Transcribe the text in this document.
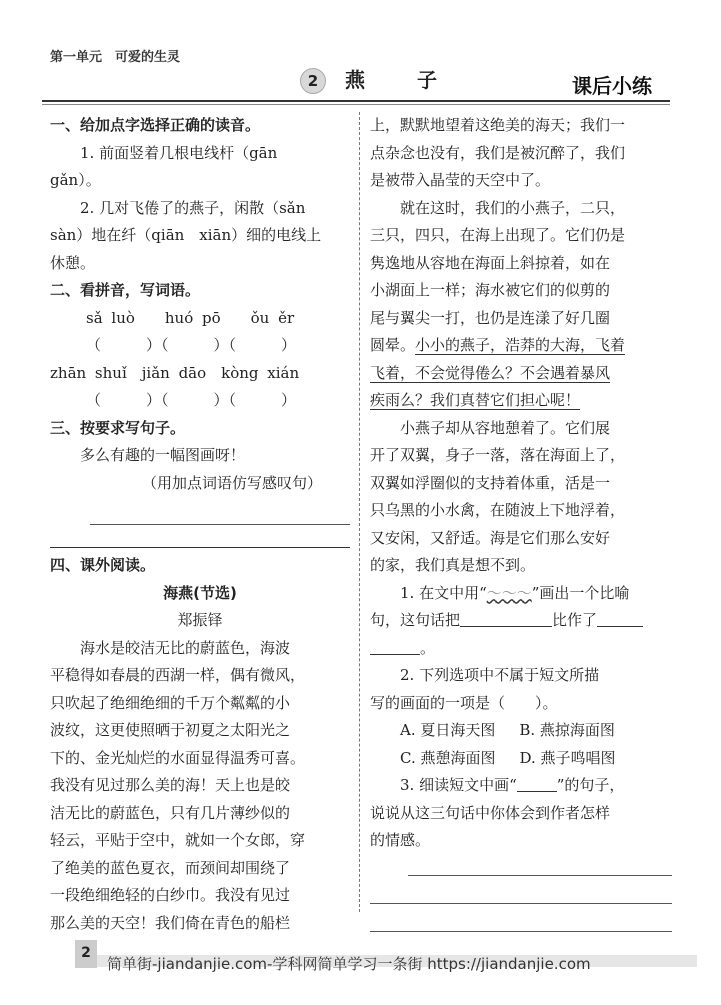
第一单元　可爱的生灵
2	燕子	课后小练
一、给加点字选择正确的读音。
1. 前面竖着几根电线杆（gān
gǎn）。
2. 几对飞倦了的燕子，闲散（sǎn
sàn）地在纤（qiān　xiān）细的电线上
休憩。
二、看拼音，写词语。
sǎ luò　　huó pō　　ǒu ěr
（　　　）（　　　）（　　　）
zhān shuǐ　jiǎn dāo　kòng xián
（　　　）（　　　）（　　　）
三、按要求写句子。
多么有趣的一幅图画呀！
（用加点词语仿写感叹句）
四、课外阅读。
海燕(节选)
郑振铎
　　海水是皎洁无比的蔚蓝色，海波
平稳得如春晨的西湖一样，偶有微风，
只吹起了绝细绝细的千万个粼粼的小
波纹，这更使照晒于初夏之太阳光之
下的、金光灿烂的水面显得温秀可喜。
我没有见过那么美的海！天上也是皎
洁无比的蔚蓝色，只有几片薄纱似的
轻云，平贴于空中，就如一个女郎，穿
了绝美的蓝色夏衣，而颈间却围绕了
一段绝细绝轻的白纱巾。我没有见过
那么美的天空！我们倚在青色的船栏
上，默默地望着这绝美的海天；我们一
点杂念也没有，我们是被沉醉了，我们
是被带入晶莹的天空中了。
　　就在这时，我们的小燕子，二只，
三只，四只，在海上出现了。它们仍是
隽逸地从容地在海面上斜掠着，如在
小湖面上一样；海水被它们的似剪的
尾与翼尖一打，也仍是连漾了好几圈
圆晕。小小的燕子，浩莽的大海，飞着
飞着，不会觉得倦么？不会遇着暴风
疾雨么？我们真替它们担心呢！
　　小燕子却从容地憩着了。它们展
开了双翼，身子一落，落在海面上了，
双翼如浮圈似的支持着体重，活是一
只乌黑的小水禽，在随波上下地浮着，
又安闲，又舒适。海是它们那么安好
的家，我们真是想不到。
1. 在文中用“～～～”画出一个比喻
句，这句话把	比作了
。
2. 下列选项中不属于短文所描
写的画面的一项是（　　）。
A. 夏日海天图 B. 燕掠海面图
C. 燕憩海面图 D. 燕子鸣唱图
3. 细读短文中画“	”的句子，
说说从这三句话中你体会到作者怎样
的情感。
2
简单街-jiandanjie.com-学科网简单学习一条街 https://jiandanjie.com
